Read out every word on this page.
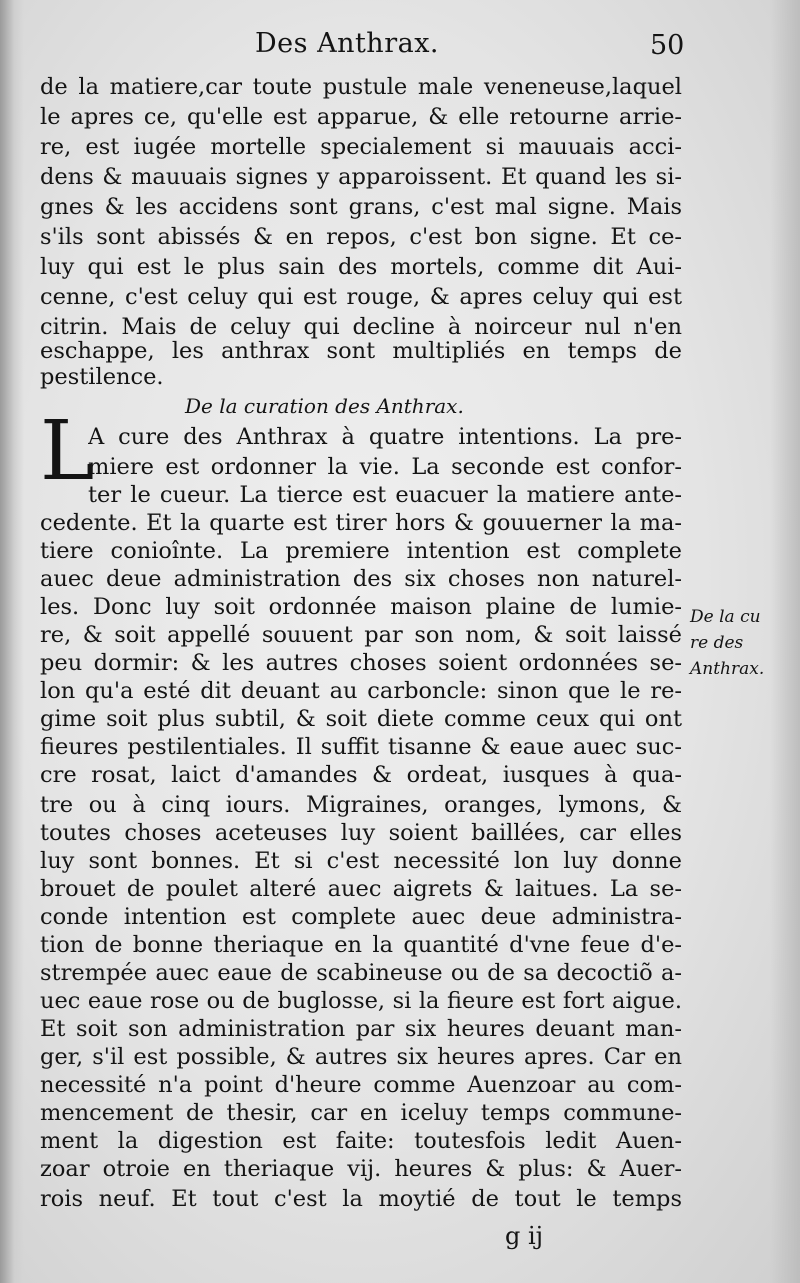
Des Anthrax.	50
de la matiere,car toute pustule male veneneuse,laquel
le apres ce, qu'elle est apparue, & elle retourne arrie-
re, est iugée mortelle specialement si mauuais acci-
dens & mauuais signes y apparoissent. Et quand les si-
gnes & les accidens sont grans, c'est mal signe. Mais
s'ils sont abissés & en repos, c'est bon signe. Et ce-
luy qui est le plus sain des mortels, comme dit Aui-
cenne, c'est celuy qui est rouge, & apres celuy qui est
citrin. Mais de celuy qui decline à noirceur nul n'en
eschappe, les anthrax sont multipliés en temps de
pestilence.
De la curation des Anthrax.
L
A cure des Anthrax à quatre intentions. La pre-
miere est ordonner la vie. La seconde est confor-
ter le cueur. La tierce est euacuer la matiere ante-
cedente. Et la quarte est tirer hors & gouuerner la ma-
tiere conioînte. La premiere intention est complete
auec deue administration des six choses non naturel-
les. Donc luy soit ordonnée maison plaine de lumie-
re, & soit appellé souuent par son nom, & soit laissé
peu dormir: & les autres choses soient ordonnées se-
lon qu'a esté dit deuant au carboncle: sinon que le re-
gime soit plus subtil, & soit diete comme ceux qui ont
fieures pestilentiales. Il suffit tisanne & eaue auec suc-
cre rosat, laict d'amandes & ordeat, iusques à qua-
tre ou à cinq iours. Migraines, oranges, lymons, &
toutes choses aceteuses luy soient baillées, car elles
luy sont bonnes. Et si c'est necessité lon luy donne
brouet de poulet alteré auec aigrets & laitues. La se-
conde intention est complete auec deue administra-
tion de bonne theriaque en la quantité d'vne feue d'e-
strempée auec eaue de scabineuse ou de sa decoctiõ a-
uec eaue rose ou de buglosse, si la fieure est fort aigue.
Et soit son administration par six heures deuant man-
ger, s'il est possible, & autres six heures apres. Car en
necessité n'a point d'heure comme Auenzoar au com-
mencement de thesir, car en iceluy temps commune-
ment la digestion est faite: toutesfois ledit Auen-
zoar otroie en theriaque vij. heures & plus: & Auer-
rois neuf. Et tout c'est la moytié de tout le temps
De la cu
re des
Anthrax.
g ij
